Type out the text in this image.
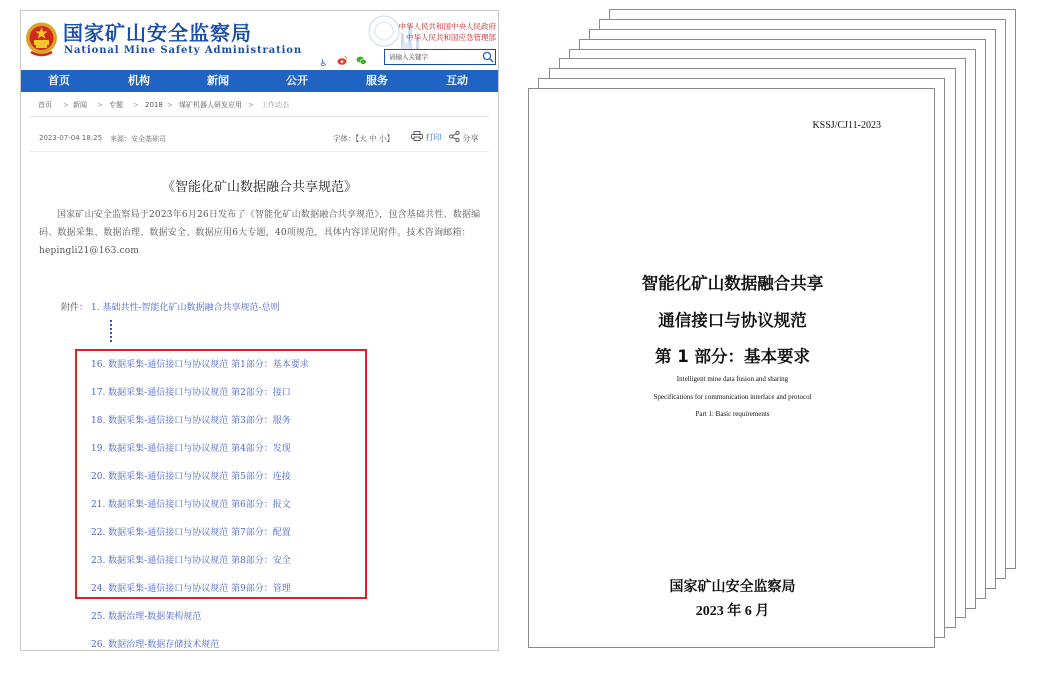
国家矿山安全监察局
National Mine Safety Administration
中华人民共和国中央人民政府
中华人民共和国应急管理部
♿
请输入关键字
首页	机构	新闻	公开	服务	互动
首页 > 新闻 > 专题 > 2018 > 煤矿机器人研发应用 > 工作动态
2023-07-04 18:25 来源：安全基础司	字体：【大 中 小】	打印	分享
《智能化矿山数据融合共享规范》
国家矿山安全监察局于2023年6月26日发布了《智能化矿山数据融合共享规范》，包含基础共性、数据编码、数据采集、数据治理、数据安全、数据应用6大专题，40项规范，具体内容详见附件。技术咨询邮箱：hepingli21@163.com
附件： 1. 基础共性-智能化矿山数据融合共享规范-总则
16. 数据采集-通信接口与协议规范 第1部分：基本要求
17. 数据采集-通信接口与协议规范 第2部分：接口
18. 数据采集-通信接口与协议规范 第3部分：服务
19. 数据采集-通信接口与协议规范 第4部分：发现
20. 数据采集-通信接口与协议规范 第5部分：连接
21. 数据采集-通信接口与协议规范 第6部分：报文
22. 数据采集-通信接口与协议规范 第7部分：配置
23. 数据采集-通信接口与协议规范 第8部分：安全
24. 数据采集-通信接口与协议规范 第9部分：管理
25. 数据治理-数据架构规范
26. 数据治理-数据存储技术规范
KSSJ/CJ11-2023
智能化矿山数据融合共享
通信接口与协议规范
第 1 部分：基本要求
Intelligent mine data fusion and sharing
Specifications for communication interface and protocol
Part 1: Basic requirements
国家矿山安全监察局
2023 年 6 月
